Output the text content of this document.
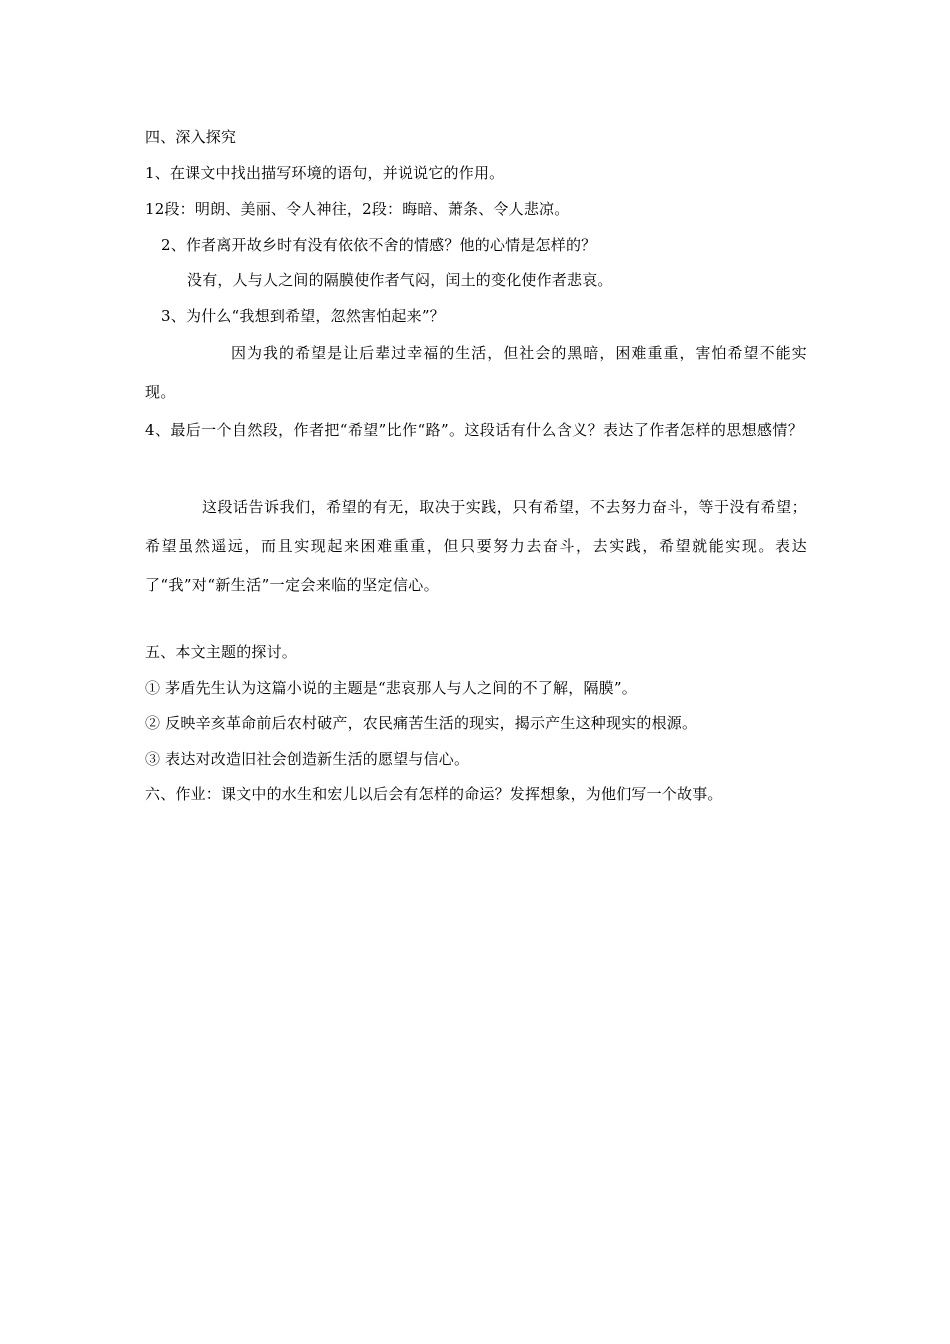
四、深入探究
1、在课文中找出描写环境的语句，并说说它的作用。
12段：明朗、美丽、令人神往，2段：晦暗、萧条、令人悲凉。
2、作者离开故乡时有没有依依不舍的情感？他的心情是怎样的？
没有，人与人之间的隔膜使作者气闷，闰土的变化使作者悲哀。
3、为什么“我想到希望，忽然害怕起来”？
因为我的希望是让后辈过幸福的生活，但社会的黑暗，困难重重，害怕希望不能实现。
4、最后一个自然段，作者把“希望”比作“路”。这段话有什么含义？表达了作者怎样的思想感情？
这段话告诉我们，希望的有无，取决于实践，只有希望，不去努力奋斗，等于没有希望；希望虽然遥远，而且实现起来困难重重，但只要努力去奋斗，去实践，希望就能实现。表达了“我”对“新生活”一定会来临的坚定信心。
五、本文主题的探讨。
① 茅盾先生认为这篇小说的主题是“悲哀那人与人之间的不了解，隔膜”。
② 反映辛亥革命前后农村破产，农民痛苦生活的现实，揭示产生这种现实的根源。
③ 表达对改造旧社会创造新生活的愿望与信心。
六、作业：课文中的水生和宏儿以后会有怎样的命运？发挥想象，为他们写一个故事。
